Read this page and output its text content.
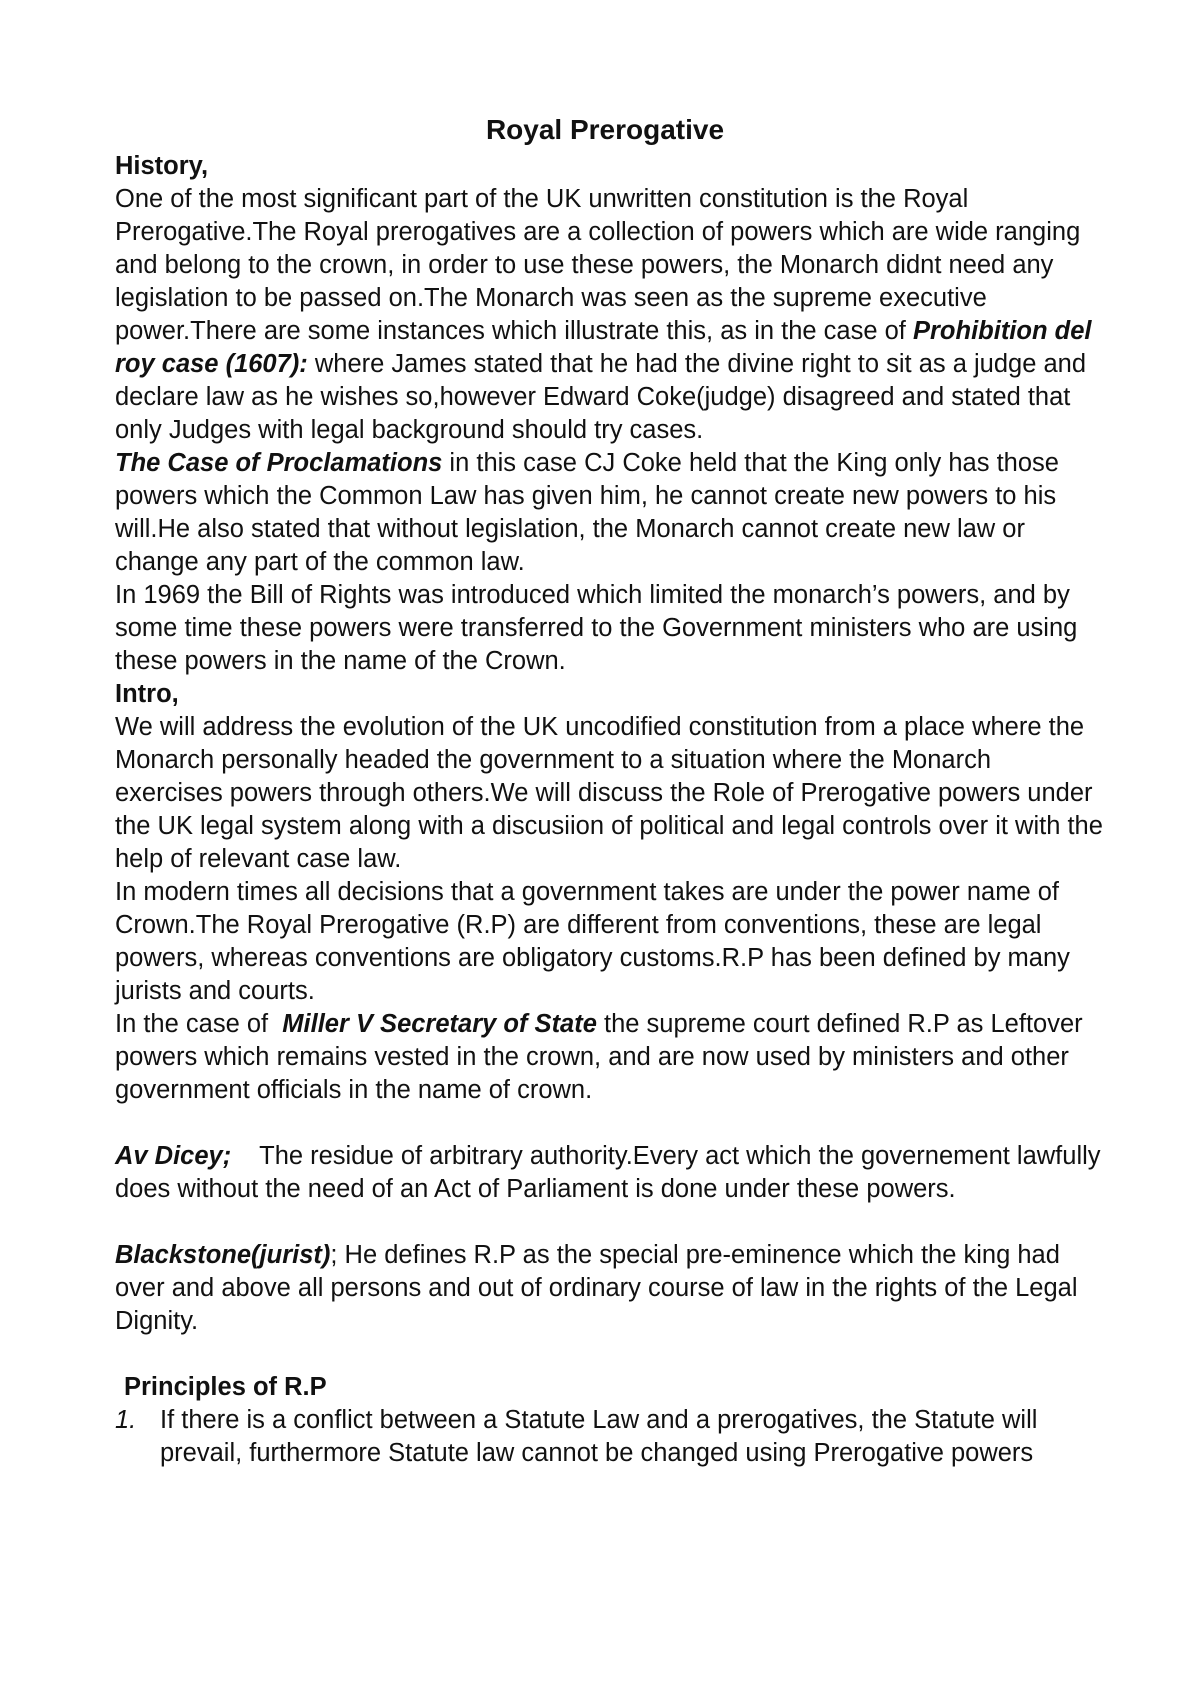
Royal Prerogative
History,

One of the most significant part of the UK unwritten constitution is the Royal Prerogative.The Royal prerogatives are a collection of powers which are wide ranging and belong to the crown, in order to use these powers, the Monarch didnt need any legislation to be passed on.The Monarch was seen as the supreme executive power.There are some instances which illustrate this, as in the case of Prohibition del roy case (1607): where James stated that he had the divine right to sit as a judge and declare law as he wishes so,however Edward Coke(judge) disagreed and stated that only Judges with legal background should try cases.

The Case of Proclamations in this case CJ Coke held that the King only has those powers which the Common Law has given him, he cannot create new powers to his will.He also stated that without legislation, the Monarch cannot create new law or change any part of the common law.

In 1969 the Bill of Rights was introduced which limited the monarch’s powers, and by some time these powers were transferred to the Government ministers who are using these powers in the name of the Crown.

Intro,

We will address the evolution of the UK uncodified constitution from a place where the Monarch personally headed the government to a situation where the Monarch exercises powers through others.We will discuss the Role of Prerogative powers under the UK legal system along with a discusiion of political and legal controls over it with the help of relevant case law.

In modern times all decisions that a government takes are under the power name of Crown.The Royal Prerogative (R.P) are different from conventions, these are legal powers, whereas conventions are obligatory customs.R.P has been defined by many jurists and courts.

In the case of  Miller V Secretary of State the supreme court defined R.P as Leftover powers which remains vested in the crown, and are now used by ministers and other government officials in the name of crown.

Av Dicey;    The residue of arbitrary authority.Every act which the governement lawfully does without the need of an Act of Parliament is done under these powers.

Blackstone(jurist); He defines R.P as the special pre-eminence which the king had over and above all persons and out of ordinary course of law in the rights of the Legal Dignity.

Principles of R.P
1. If there is a conflict between a Statute Law and a prerogatives, the Statute will prevail, furthermore Statute law cannot be changed using Prerogative powers
